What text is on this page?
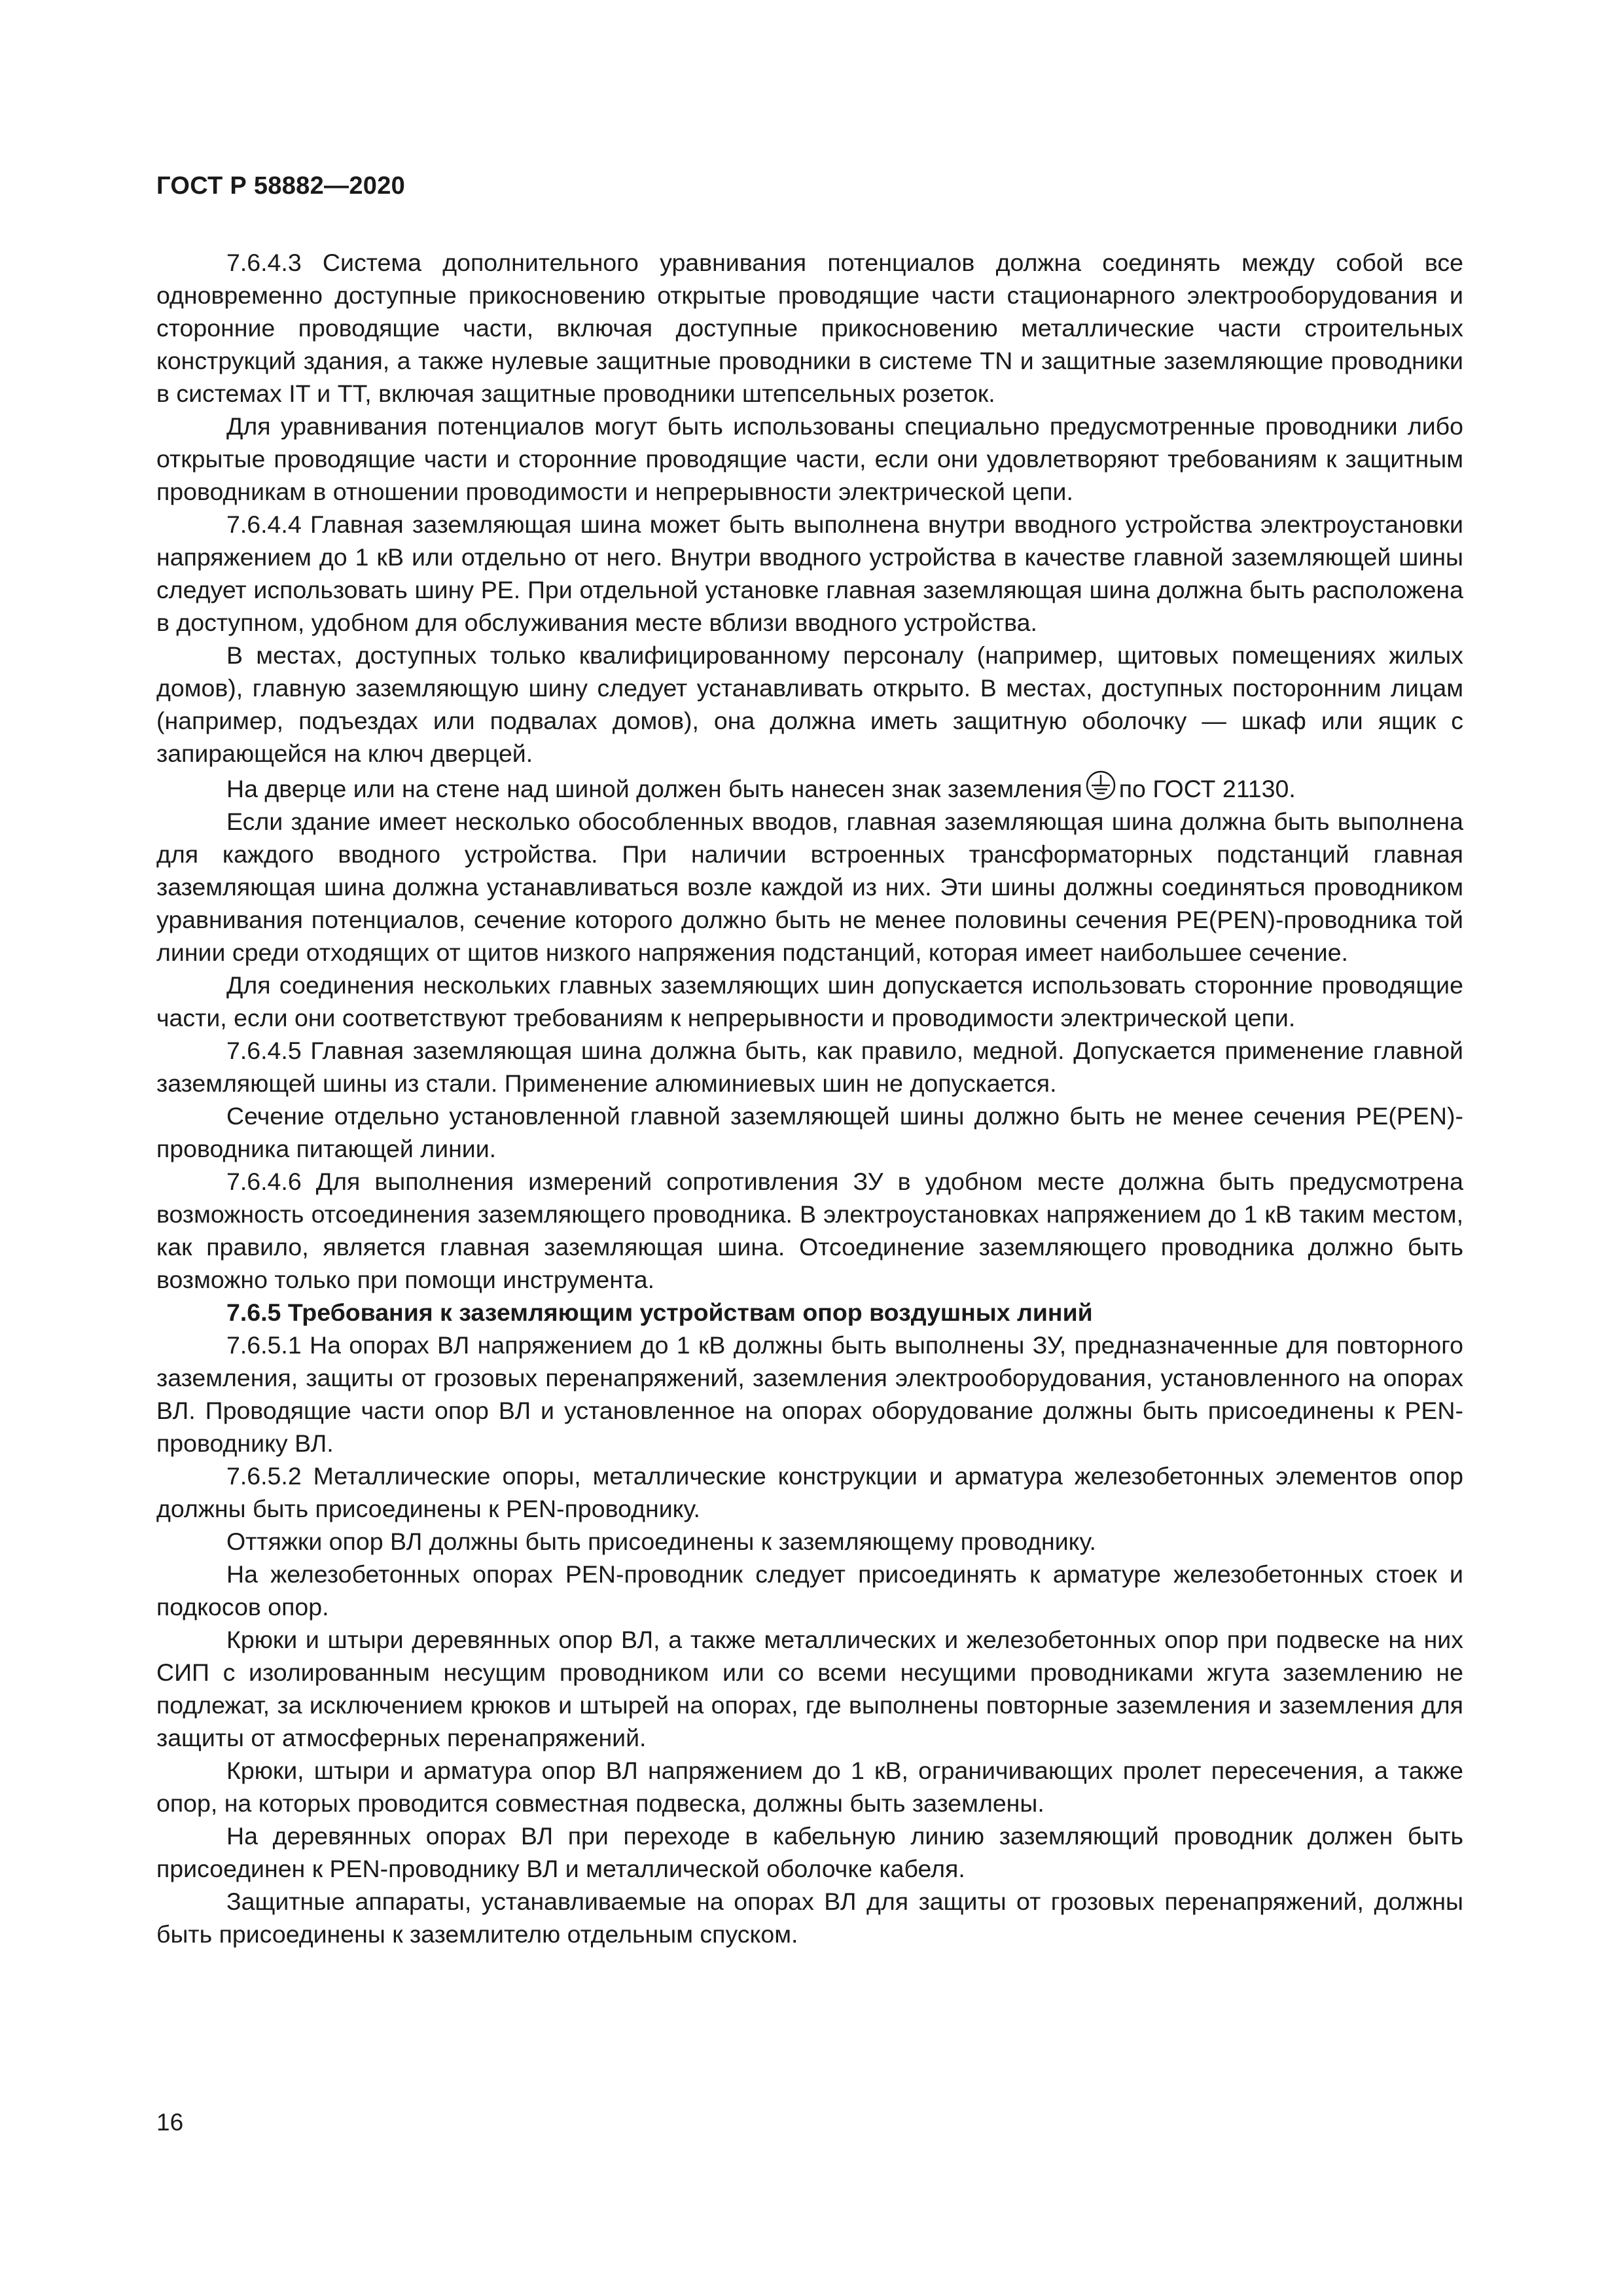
ГОСТ Р 58882—2020

7.6.4.3 Система дополнительного уравнивания потенциалов должна соединять между собой все одновременно доступные прикосновению открытые проводящие части стационарного электрооборудования и сторонние проводящие части, включая доступные прикосновению металлические части строительных конструкций здания, а также нулевые защитные проводники в системе TN и защитные заземляющие проводники в системах IT и TT, включая защитные проводники штепсельных розеток.

Для уравнивания потенциалов могут быть использованы специально предусмотренные проводники либо открытые проводящие части и сторонние проводящие части, если они удовлетворяют требованиям к защитным проводникам в отношении проводимости и непрерывности электрической цепи.

7.6.4.4 Главная заземляющая шина может быть выполнена внутри вводного устройства электроустановки напряжением до 1 кВ или отдельно от него. Внутри вводного устройства в качестве главной заземляющей шины следует использовать шину PE. При отдельной установке главная заземляющая шина должна быть расположена в доступном, удобном для обслуживания месте вблизи вводного устройства.

В местах, доступных только квалифицированному персоналу (например, щитовых помещениях жилых домов), главную заземляющую шину следует устанавливать открыто. В местах, доступных посторонним лицам (например, подъездах или подвалах домов), она должна иметь защитную оболочку — шкаф или ящик с запирающейся на ключ дверцей.

На дверце или на стене над шиной должен быть нанесен знак заземления по ГОСТ 21130.

Если здание имеет несколько обособленных вводов, главная заземляющая шина должна быть выполнена для каждого вводного устройства. При наличии встроенных трансформаторных подстанций главная заземляющая шина должна устанавливаться возле каждой из них. Эти шины должны соединяться проводником уравнивания потенциалов, сечение которого должно быть не менее половины сечения PE(PEN)-проводника той линии среди отходящих от щитов низкого напряжения подстанций, которая имеет наибольшее сечение.

Для соединения нескольких главных заземляющих шин допускается использовать сторонние проводящие части, если они соответствуют требованиям к непрерывности и проводимости электрической цепи.

7.6.4.5 Главная заземляющая шина должна быть, как правило, медной. Допускается применение главной заземляющей шины из стали. Применение алюминиевых шин не допускается.

Сечение отдельно установленной главной заземляющей шины должно быть не менее сечения PE(PEN)-проводника питающей линии.

7.6.4.6 Для выполнения измерений сопротивления ЗУ в удобном месте должна быть предусмотрена возможность отсоединения заземляющего проводника. В электроустановках напряжением до 1 кВ таким местом, как правило, является главная заземляющая шина. Отсоединение заземляющего проводника должно быть возможно только при помощи инструмента.

7.6.5 Требования к заземляющим устройствам опор воздушных линий

7.6.5.1 На опорах ВЛ напряжением до 1 кВ должны быть выполнены ЗУ, предназначенные для повторного заземления, защиты от грозовых перенапряжений, заземления электрооборудования, установленного на опорах ВЛ. Проводящие части опор ВЛ и установленное на опорах оборудование должны быть присоединены к PEN-проводнику ВЛ.

7.6.5.2 Металлические опоры, металлические конструкции и арматура железобетонных элементов опор должны быть присоединены к PEN-проводнику.

Оттяжки опор ВЛ должны быть присоединены к заземляющему проводнику.

На железобетонных опорах PEN-проводник следует присоединять к арматуре железобетонных стоек и подкосов опор.

Крюки и штыри деревянных опор ВЛ, а также металлических и железобетонных опор при подвеске на них СИП с изолированным несущим проводником или со всеми несущими проводниками жгута заземлению не подлежат, за исключением крюков и штырей на опорах, где выполнены повторные заземления и заземления для защиты от атмосферных перенапряжений.

Крюки, штыри и арматура опор ВЛ напряжением до 1 кВ, ограничивающих пролет пересечения, а также опор, на которых проводится совместная подвеска, должны быть заземлены.

На деревянных опорах ВЛ при переходе в кабельную линию заземляющий проводник должен быть присоединен к PEN-проводнику ВЛ и металлической оболочке кабеля.

Защитные аппараты, устанавливаемые на опорах ВЛ для защиты от грозовых перенапряжений, должны быть присоединены к заземлителю отдельным спуском.

16
